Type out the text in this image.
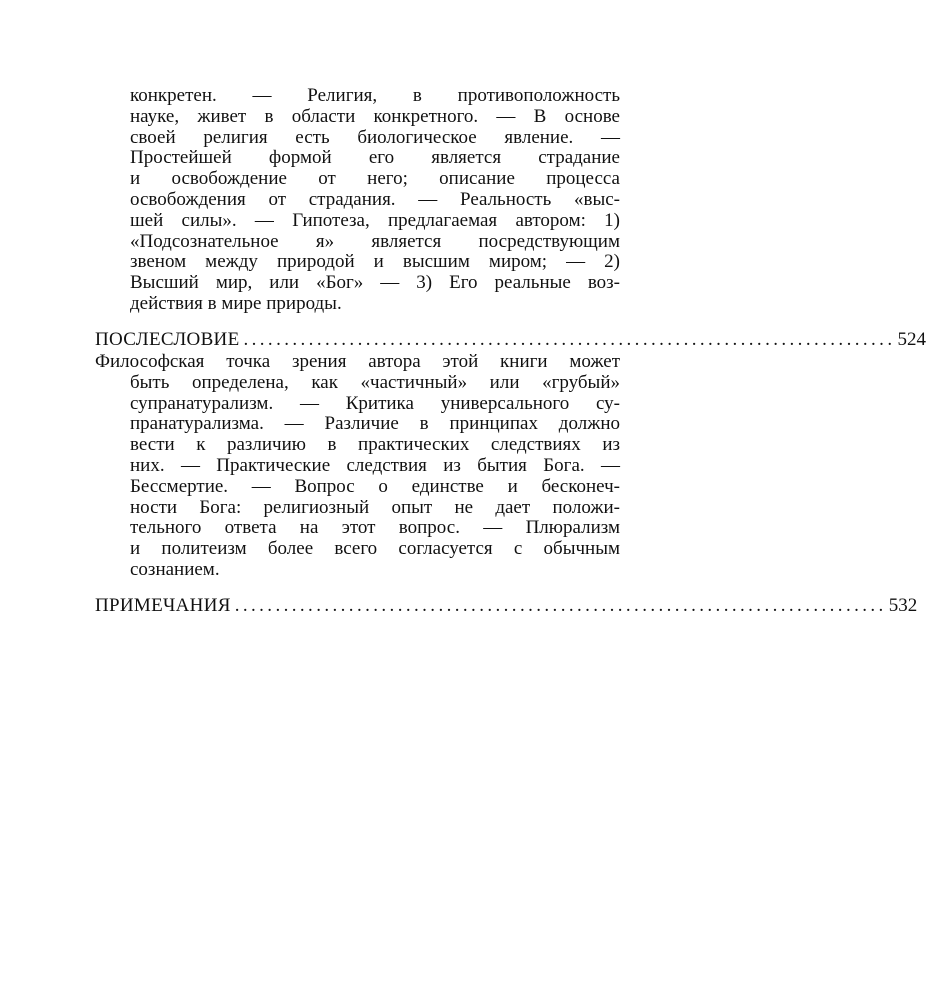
конкретен. — Религия, в противоположность
науке, живет в области конкретного. — В основе
своей религия есть биологическое явление. —
Простейшей формой его является страдание
и освобождение от него; описание процесса
освобождения от страдания. — Реальность «выс-
шей силы». — Гипотеза, предлагаемая автором: 1)
«Подсознательное я» является посредствующим
звеном между природой и высшим миром; — 2)
Высший мир, или «Бог» — 3) Его реальные воз-
действия в мире природы.
ПОСЛЕСЛОВИЕ ................................................................................ 524
Философская точка зрения автора этой книги может
быть определена, как «частичный» или «грубый»
супранатурализм. — Критика универсального су-
пранатурализма. — Различие в принципах должно
вести к различию в практических следствиях из
них. — Практические следствия из бытия Бога. —
Бессмертие. — Вопрос о единстве и бесконеч-
ности Бога: религиозный опыт не дает положи-
тельного ответа на этот вопрос. — Плюрализм
и политеизм более всего согласуется с обычным
сознанием.
ПРИМЕЧАНИЯ ................................................................................ 532
